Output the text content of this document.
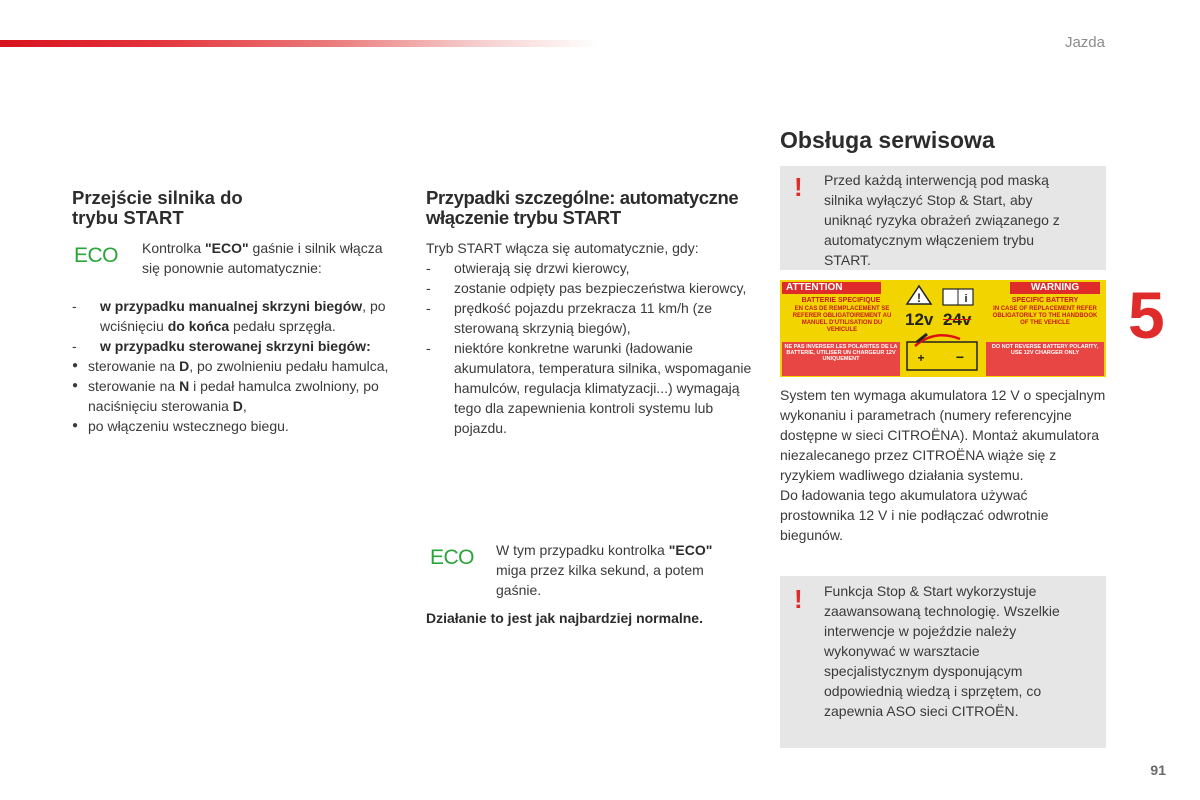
Jazda
5
91
Przejście silnika do
trybu START
ECO	Kontrolka "ECO" gaśnie i silnik włącza się ponownie automatycznie:

- w przypadku manualnej skrzyni biegów, po wciśnięciu do końca pedału sprzęgła.
- w przypadku sterowanej skrzyni biegów:
● sterowanie na D, po zwolnieniu pedału hamulca,
● sterowanie na N i pedał hamulca zwolniony, po naciśnięciu sterowania D,
● po włączeniu wstecznego biegu.
Przypadki szczególne: automatyczne włączenie trybu START

Tryb START włącza się automatycznie, gdy:

- otwierają się drzwi kierowcy,
- zostanie odpięty pas bezpieczeństwa kierowcy,
- prędkość pojazdu przekracza 11 km/h (ze sterowaną skrzynią biegów),
- niektóre konkretne warunki (ładowanie akumulatora, temperatura silnika, wspomaganie hamulców, regulacja klimatyzacji...) wymagają tego dla zapewnienia kontroli systemu lub pojazdu.
ECO	W tym przypadku kontrolka "ECO" miga przez kilka sekund, a potem gaśnie.

Działanie to jest jak najbardziej normalne.

Obsługa serwisowa
! Przed każdą interwencją pod maską silnika wyłączyć Stop & Start, aby uniknąć ryzyka obrażeń związanego z automatycznym włączeniem trybu START.

ATTENTION	WARNING
BATTERIE SPECIFIQUE
EN CAS DE REMPLACEMENT SE REFERER OBLIGATOIREMENT AU MANUEL D'UTILISATION DU VEHICULE
NE PAS INVERSER LES POLARITES DE LA BATTERIE, UTILISER UN CHARGEUR 12V UNIQUEMENT
SPECIFIC BATTERY
IN CASE OF REPLACEMENT REFER OBLIGATORILY TO THE HANDBOOK OF THE VEHICLE
DO NOT REVERSE BATTERY POLARITY, USE 12V CHARGER ONLY
!	i
+ −
12v 24v

System ten wymaga akumulatora 12 V o specjalnym wykonaniu i parametrach (numery referencyjne dostępne w sieci CITROËNA). Montaż akumulatora niezalecanego przez CITROËNA wiąże się z ryzykiem wadliwego działania systemu.

Do ładowania tego akumulatora używać prostownika 12 V i nie podłączać odwrotnie biegunów.

! Funkcja Stop & Start wykorzystuje zaawansowaną technologię. Wszelkie interwencje w pojeździe należy wykonywać w warsztacie specjalistycznym dysponującym odpowiednią wiedzą i sprzętem, co zapewnia ASO sieci CITROËN.
